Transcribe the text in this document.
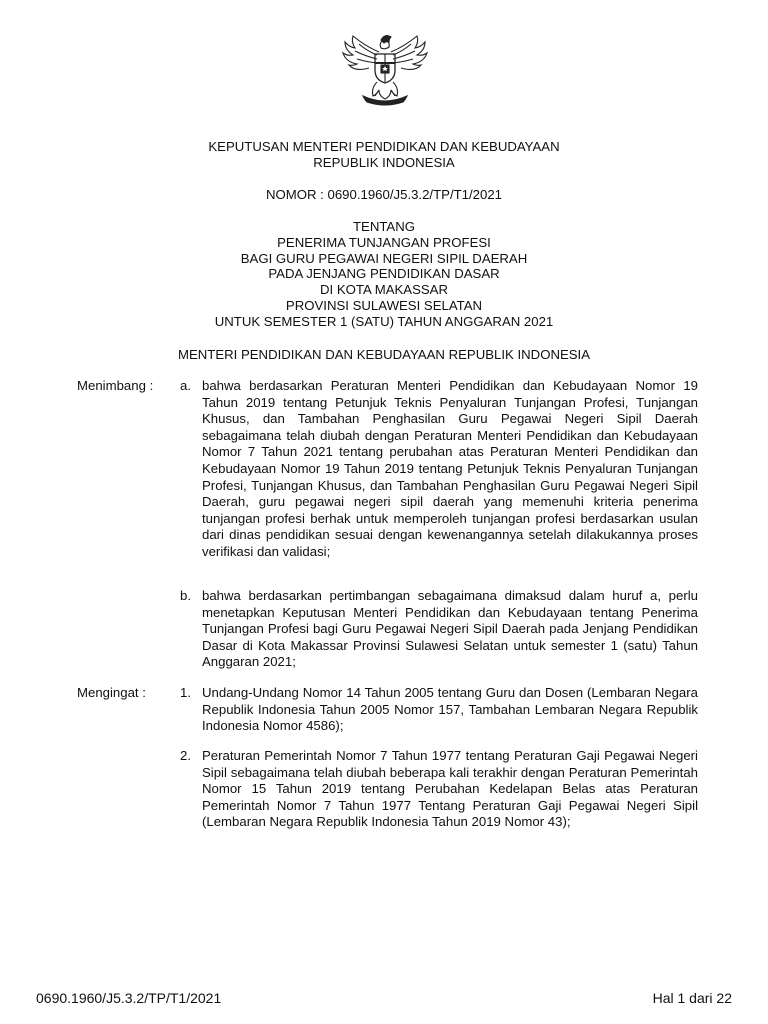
KEPUTUSAN MENTERI PENDIDIKAN DAN KEBUDAYAAN
REPUBLIK INDONESIA
NOMOR : 0690.1960/J5.3.2/TP/T1/2021
TENTANG
PENERIMA TUNJANGAN PROFESI
BAGI GURU PEGAWAI NEGERI SIPIL DAERAH
PADA JENJANG PENDIDIKAN DASAR
DI KOTA MAKASSAR
PROVINSI SULAWESI SELATAN
UNTUK SEMESTER 1 (SATU) TAHUN ANGGARAN 2021
MENTERI PENDIDIKAN DAN KEBUDAYAAN REPUBLIK INDONESIA
Menimbang : a. bahwa berdasarkan Peraturan Menteri Pendidikan dan Kebudayaan Nomor 19 Tahun 2019 tentang Petunjuk Teknis Penyaluran Tunjangan Profesi, Tunjangan Khusus, dan Tambahan Penghasilan Guru Pegawai Negeri Sipil Daerah sebagaimana telah diubah dengan Peraturan Menteri Pendidikan dan Kebudayaan Nomor 7 Tahun 2021 tentang perubahan atas Peraturan Menteri Pendidikan dan Kebudayaan Nomor 19 Tahun 2019 tentang Petunjuk Teknis Penyaluran Tunjangan Profesi, Tunjangan Khusus, dan Tambahan Penghasilan Guru Pegawai Negeri Sipil Daerah, guru pegawai negeri sipil daerah yang memenuhi kriteria penerima tunjangan profesi berhak untuk memperoleh tunjangan profesi berdasarkan usulan dari dinas pendidikan sesuai dengan kewenangannya setelah dilakukannya proses verifikasi dan validasi;
b. bahwa berdasarkan pertimbangan sebagaimana dimaksud dalam huruf a, perlu menetapkan Keputusan Menteri Pendidikan dan Kebudayaan tentang Penerima Tunjangan Profesi bagi Guru Pegawai Negeri Sipil Daerah pada Jenjang Pendidikan Dasar di Kota Makassar Provinsi Sulawesi Selatan untuk semester 1 (satu) Tahun Anggaran 2021;
Mengingat :	1. Undang-Undang Nomor 14 Tahun 2005 tentang Guru dan Dosen (Lembaran Negara Republik Indonesia Tahun 2005 Nomor 157, Tambahan Lembaran Negara Republik Indonesia Nomor 4586);
2. Peraturan Pemerintah Nomor 7 Tahun 1977 tentang Peraturan Gaji Pegawai Negeri Sipil sebagaimana telah diubah beberapa kali terakhir dengan Peraturan Pemerintah Nomor 15 Tahun 2019 tentang Perubahan Kedelapan Belas atas Peraturan Pemerintah Nomor 7 Tahun 1977 Tentang Peraturan Gaji Pegawai Negeri Sipil (Lembaran Negara Republik Indonesia Tahun 2019 Nomor 43);
0690.1960/J5.3.2/TP/T1/2021	Hal 1 dari 22
